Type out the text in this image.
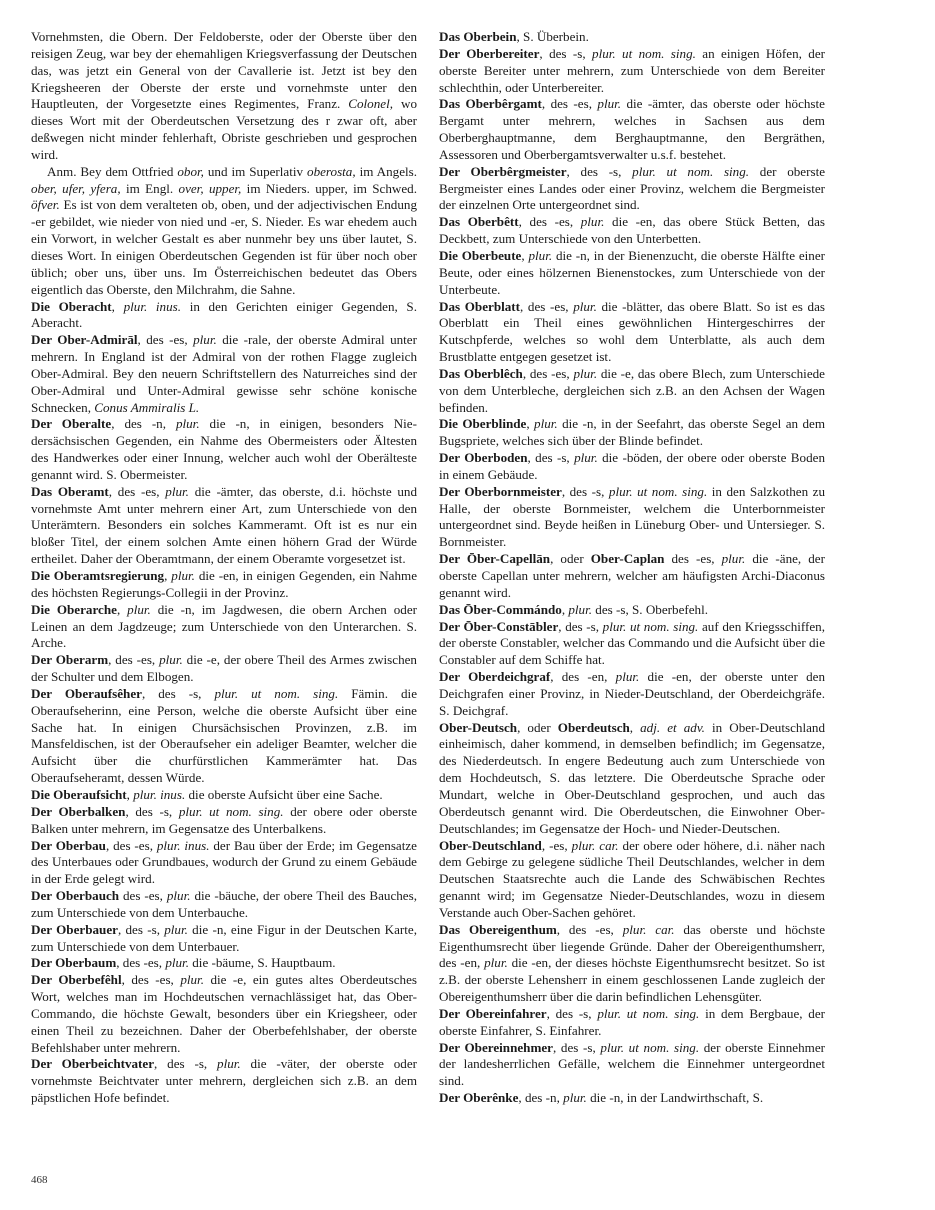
Vornehmsten, die Obern. Der Feldoberste, oder der Oberste über den reisigen Zeug, war bey der ehemahligen Kriegsverfassung der Deutschen das, was jetzt ein General von der Cavallerie ist. Jetzt ist bey den Kriegsheeren der Oberste der erste und vornehmste unter den Hauptleuten, der Vorgesetzte eines Regimentes, Franz. Colonel, wo dieses Wort mit der Oberdeutschen Versetzung des r zwar oft, aber deßwegen nicht minder fehlerhaft, Obriste geschrieben und gesprochen wird.

Anm. Bey dem Ottfried obor, und im Superlativ oberosta, im Angels. ober, ufer, yfera, im Engl. over, upper, im Nieders. upper, im Schwed. öfver. Es ist von dem veralteten ob, oben, und der adjectivischen Endung -er gebildet, wie nieder von nied und -er, S. Nieder. Es war ehedem auch ein Vorwort, in welcher Gestalt es aber nunmehr bey uns über lautet, S. dieses Wort. In einigen Oberdeutschen Gegenden ist für über noch ober üblich; ober uns, über uns. Im Österreichischen bedeutet das Obers eigentlich das Oberste, den Milchrahm, die Sahne.

Die Oberacht, plur. inus. in den Gerichten einiger Gegenden, S. Aberacht.

Der Ober-Admirāl, des -es, plur. die -rale, der oberste Admiral unter mehrern. In England ist der Admiral von der rothen Flagge zugleich Ober-Admiral. Bey den neuern Schriftstellern des Naturreiches sind der Ober-Admiral und Unter-Admiral gewisse sehr schöne konische Schnecken, Conus Ammiralis L.

Der Oberalte, des -n, plur. die -n, in einigen, besonders Niedersächsischen Gegenden, ein Nahme des Obermeisters oder Ältesten des Handwerkes oder einer Innung, welcher auch wohl der Oberälteste genannt wird. S. Obermeister.

Das Oberamt, des -es, plur. die -ämter, das oberste, d.i. höchste und vornehmste Amt unter mehrern einer Art, zum Unterschiede von den Unterämtern. Besonders ein solches Kammeramt. Oft ist es nur ein bloßer Titel, der einem solchen Amte einen höhern Grad der Würde ertheilet. Daher der Oberamtmann, der einem Oberamte vorgesetzet ist.

Die Oberamtsregierung, plur. die -en, in einigen Gegenden, ein Nahme des höchsten Regierungs-Collegii in der Provinz.

Die Oberarche, plur. die -n, im Jagdwesen, die obern Archen oder Leinen an dem Jagdzeuge; zum Unterschiede von den Unterarchen. S. Arche.

Der Oberarm, des -es, plur. die -e, der obere Theil des Armes zwischen der Schulter und dem Elbogen.

Der Oberaufsêher, des -s, plur. ut nom. sing. Fämin. die Oberaufseherinn, eine Person, welche die oberste Aufsicht über eine Sache hat. In einigen Chursächsischen Provinzen, z.B. im Mansfeldischen, ist der Oberaufseher ein adeliger Beamter, welcher die Aufsicht über die churfürstlichen Kammerämter hat. Das Oberaufseheramt, dessen Würde.

Die Oberaufsicht, plur. inus. die oberste Aufsicht über eine Sache.

Der Oberbalken, des -s, plur. ut nom. sing. der obere oder oberste Balken unter mehrern, im Gegensatze des Unterbalkens.

Der Oberbau, des -es, plur. inus. der Bau über der Erde; im Gegensatze des Unterbaues oder Grundbaues, wodurch der Grund zu einem Gebäude in der Erde gelegt wird.

Der Oberbauch des -es, plur. die -bäuche, der obere Theil des Bauches, zum Unterschiede von dem Unterbauche.

Der Oberbauer, des -s, plur. die -n, eine Figur in der Deutschen Karte, zum Unterschiede von dem Unterbauer.

Der Oberbaum, des -es, plur. die -bäume, S. Hauptbaum.

Der Oberbefêhl, des -es, plur. die -e, ein gutes altes Oberdeutsches Wort, welches man im Hochdeutschen vernachlässiget hat, das Ober-Commando, die höchste Gewalt, besonders über ein Kriegsheer, oder einen Theil zu bezeichnen. Daher der Oberbefehlshaber, der oberste Befehlshaber unter mehrern.

Der Oberbeichtvater, des -s, plur. die -väter, der oberste oder vornehmste Beichtvater unter mehrern, dergleichen sich z.B. an dem päpstlichen Hofe befindet.

Das Oberbein, S. Überbein.

Der Oberbereiter, des -s, plur. ut nom. sing. an einigen Höfen, der oberste Bereiter unter mehrern, zum Unterschiede von dem Bereiter schlechthin, oder Unterbereiter.

Das Oberbêrgamt, des -es, plur. die -ämter, das oberste oder höchste Bergamt unter mehrern, welches in Sachsen aus dem Oberberghauptmanne, dem Berghauptmanne, den Bergräthen, Assessoren und Oberbergamtsverwalter u.s.f. bestehet.

Der Oberbêrgmeister, des -s, plur. ut nom. sing. der oberste Bergmeister eines Landes oder einer Provinz, welchem die Bergmeister der einzelnen Orte untergeordnet sind.

Das Oberbêtt, des -es, plur. die -en, das obere Stück Betten, das Deckbett, zum Unterschiede von den Unterbetten.

Die Oberbeute, plur. die -n, in der Bienenzucht, die oberste Hälfte einer Beute, oder eines hölzernen Bienenstockes, zum Unterschiede von der Unterbeute.

Das Oberblatt, des -es, plur. die -blätter, das obere Blatt. So ist es das Oberblatt ein Theil eines gewöhnlichen Hintergeschirres der Kutschpferde, welches so wohl dem Unterblatte, als auch dem Brustblatte entgegen gesetzet ist.

Das Oberblêch, des -es, plur. die -e, das obere Blech, zum Unterschiede von dem Unterbleche, dergleichen sich z.B. an den Achsen der Wagen befinden.

Die Oberblinde, plur. die -n, in der Seefahrt, das oberste Segel an dem Bugspriete, welches sich über der Blinde befindet.

Der Oberboden, des -s, plur. die -böden, der obere oder oberste Boden in einem Gebäude.

Der Oberbornmeister, des -s, plur. ut nom. sing. in den Salzkothen zu Halle, der oberste Bornmeister, welchem die Unterbornmeister untergeordnet sind. Beyde heißen in Lüneburg Ober- und Untersieger. S. Bornmeister.

Der Ōber-Capellān, oder Ober-Caplan des -es, plur. die -äne, der oberste Capellan unter mehrern, welcher am häufigsten Archi-Diaconus genannt wird.

Das Ōber-Commándo, plur. des -s, S. Oberbefehl.

Der Ōber-Constābler, des -s, plur. ut nom. sing. auf den Kriegsschiffen, der oberste Constabler, welcher das Commando und die Aufsicht über die Constabler auf dem Schiffe hat.

Der Oberdeichgraf, des -en, plur. die -en, der oberste unter den Deichgrafen einer Provinz, in Nieder-Deutschland, der Oberdeichgräfe. S. Deichgraf.

Ober-Deutsch, oder Oberdeutsch, adj. et adv. in Ober-Deutschland einheimisch, daher kommend, in demselben befindlich; im Gegensatze, des Niederdeutsch. In engere Bedeutung auch zum Unterschiede von dem Hochdeutsch, S. das letztere. Die Oberdeutsche Sprache oder Mundart, welche in Ober-Deutschland gesprochen, und auch das Oberdeutsch genannt wird. Die Oberdeutschen, die Einwohner Ober-Deutschlandes; im Gegensatze der Hoch- und Nieder-Deutschen.

Ober-Deutschland, -es, plur. car. der obere oder höhere, d.i. näher nach dem Gebirge zu gelegene südliche Theil Deutschlandes, welcher in dem Deutschen Staatsrechte auch die Lande des Schwäbischen Rechtes genannt wird; im Gegensatze Nieder-Deutschlandes, wozu in diesem Verstande auch Ober-Sachen gehöret.

Das Obereigenthum, des -es, plur. car. das oberste und höchste Eigenthumsrecht über liegende Gründe. Daher der Obereigenthumsherr, des -en, plur. die -en, der dieses höchste Eigenthumsrecht besitzet. So ist z.B. der oberste Lehensherr in einem geschlossenen Lande zugleich der Obereigenthumsherr über die darin befindlichen Lehensgüter.

Der Obereinfahrer, des -s, plur. ut nom. sing. in dem Bergbaue, der oberste Einfahrer, S. Einfahrer.

Der Obereinnehmer, des -s, plur. ut nom. sing. der oberste Einnehmer der landesherrlichen Gefälle, welchem die Einnehmer untergeordnet sind.

Der Oberênke, des -n, plur. die -n, in der Landwirthschaft, S.

468
